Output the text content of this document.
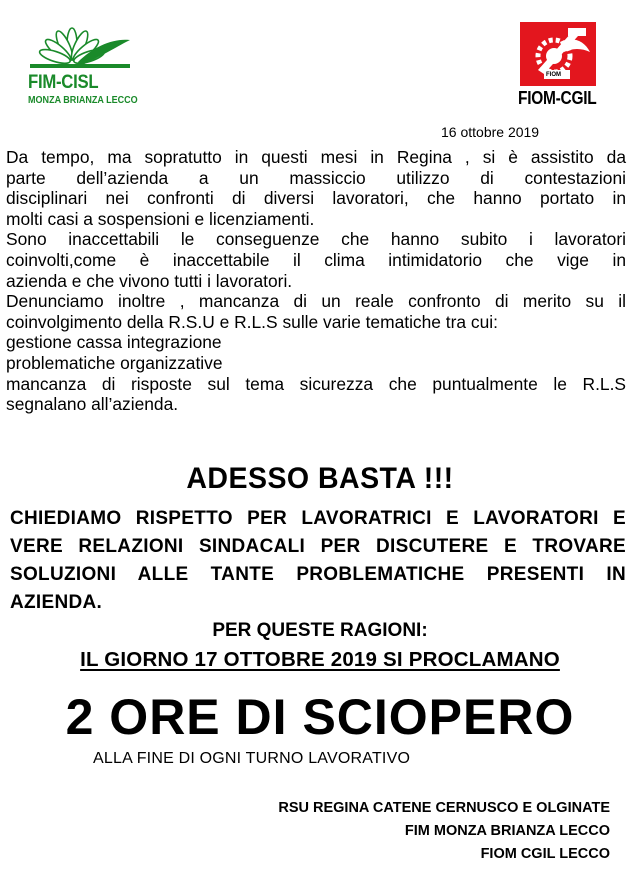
FIM-CISL
MONZA BRIANZA LECCO
FIOM
FIOM-CGIL
16 ottobre 2019
Da tempo, ma sopratutto in questi mesi in Regina , si è assistito da
parte dell’azienda a un massiccio utilizzo di contestazioni
disciplinari nei confronti di diversi lavoratori, che hanno portato in
molti casi a sospensioni e licenziamenti.
Sono inaccettabili le conseguenze che hanno subito i lavoratori
coinvolti,come è inaccettabile il clima intimidatorio che vige in
azienda e che vivono tutti i lavoratori.
Denunciamo inoltre , mancanza di un reale confronto di merito su il
coinvolgimento della R.S.U e R.L.S sulle varie tematiche tra cui:
gestione cassa integrazione
problematiche organizzative
mancanza di risposte sul tema sicurezza che puntualmente le R.L.S
segnalano all’azienda.
ADESSO BASTA !!!
CHIEDIAMO RISPETTO PER LAVORATRICI E LAVORATORI E VERE RELAZIONI SINDACALI PER DISCUTERE E TROVARE SOLUZIONI ALLE TANTE PROBLEMATICHE PRESENTI IN AZIENDA.
PER QUESTE RAGIONI:
IL GIORNO 17 OTTOBRE 2019 SI PROCLAMANO
2 ORE DI SCIOPERO
ALLA FINE DI OGNI TURNO LAVORATIVO
RSU REGINA CATENE CERNUSCO E OLGINATE
FIM MONZA BRIANZA LECCO
FIOM CGIL LECCO
